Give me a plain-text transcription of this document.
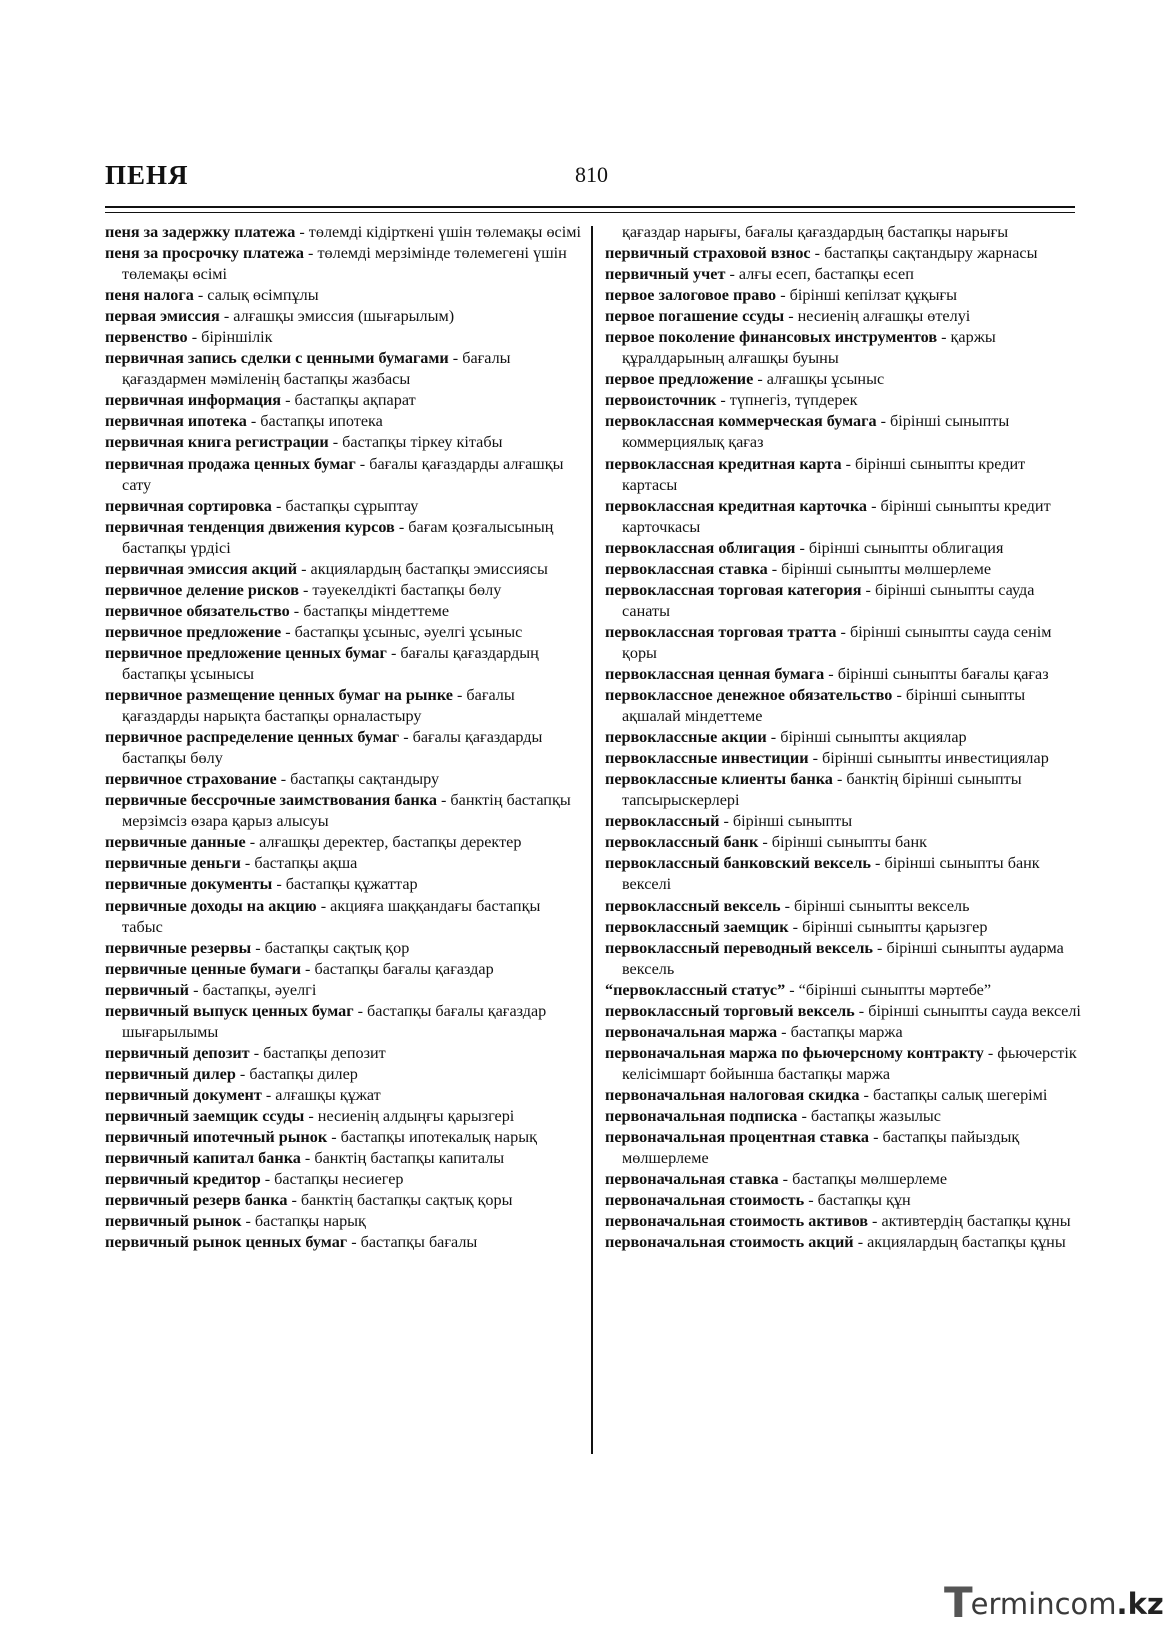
ПЕНЯ	810

пеня за задержку платежа - төлемді кідірткені үшін төлемақы өсімі

пеня за просрочку платежа - төлемді мерзімінде төлемегені үшін төлемақы өсімі

пеня налога - салық өсімпұлы

первая эмиссия - алғашқы эмиссия (шығарылым)

первенство - біріншілік

первичная запись сделки с ценными бумагами - бағалы қағаздармен мәміленің бастапқы жазбасы

первичная информация - бастапқы ақпарат

первичная ипотека - бастапқы ипотека

первичная книга регистрации - бастапқы тіркеу кітабы

первичная продажа ценных бумаг - бағалы қағаздарды алғашқы сату

первичная сортировка - бастапқы сұрыптау

первичная тенденция движения курсов - бағам қозғалысының бастапқы үрдісі

первичная эмиссия акций - акциялардың бастапқы эмиссиясы

первичное деление рисков - тәуекелдікті бастапқы бөлу

первичное обязательство - бастапқы міндеттеме

первичное предложение - бастапқы ұсыныс, әуелгі ұсыныс

первичное предложение ценных бумаг - бағалы қағаздардың бастапқы ұсынысы

первичное размещение ценных бумаг на рынке - бағалы қағаздарды нарықта бастапқы орналастыру

первичное распределение ценных бумаг - бағалы қағаздарды бастапқы бөлу

первичное страхование - бастапқы сақтандыру

первичные бессрочные заимствования банка - банктің бастапқы мерзімсіз өзара қарыз алысуы

первичные данные - алғашқы деректер, бастапқы деректер

первичные деньги - бастапқы ақша

первичные документы - бастапқы құжаттар

первичные доходы на акцию - акцияға шаққандағы бастапқы табыс

первичные резервы - бастапқы сақтық қор

первичные ценные бумаги - бастапқы бағалы қағаздар

первичный - бастапқы, әуелгі

первичный выпуск ценных бумаг - бастапқы бағалы қағаздар шығарылымы

первичный депозит - бастапқы депозит

первичный дилер - бастапқы дилер

первичный документ - алғашқы құжат

первичный заемщик ссуды - несиенің алдыңғы қарызгері

первичный ипотечный рынок - бастапқы ипотекалық нарық

первичный капитал банка - банктің бастапқы капиталы

первичный кредитор - бастапқы несиегер

первичный резерв банка - банктің бастапқы сақтық қоры

первичный рынок - бастапқы нарық

первичный рынок ценных бумаг - бастапқы бағалы

қағаздар нарығы, бағалы қағаздардың бастапқы нарығы

первичный страховой взнос - бастапқы сақтандыру жарнасы

первичный учет - алғы есеп, бастапқы есеп

первое залоговое право - бірінші кепілзат құқығы

первое погашение ссуды - несиенің алғашқы өтелуі

первое поколение финансовых инструментов - қаржы құралдарының алғашқы буыны

первое предложение - алғашқы ұсыныс

первоисточник - түпнегіз, түпдерек

первоклассная коммерческая бумага - бірінші сыныпты коммерциялық қағаз

первоклассная кредитная карта - бірінші сыныпты кредит картасы

первоклассная кредитная карточка - бірінші сыныпты кредит карточкасы

первоклассная облигация - бірінші сыныпты облигация

первоклассная ставка - бірінші сыныпты мөлшерлеме

первоклассная торговая категория - бірінші сыныпты сауда санаты

первоклассная торговая тратта - бірінші сыныпты сауда сенім қоры

первоклассная ценная бумага - бірінші сыныпты бағалы қағаз

первоклассное денежное обязательство - бірінші сыныпты ақшалай міндеттеме

первоклассные акции - бірінші сыныпты акциялар

первоклассные инвестиции - бірінші сыныпты инвестициялар

первоклассные клиенты банка - банктің бірінші сыныпты тапсырыскерлері

первоклассный - бірінші сыныпты

первоклассный банк - бірінші сыныпты банк

первоклассный банковский вексель - бірінші сыныпты банк вексeлі

первоклассный вексель - бірінші сыныпты вексель

первоклассный заемщик - бірінші сыныпты қарызгер

первоклассный переводный вексель - бірінші сыныпты аударма вексель

“первоклассный статус” - “бірінші сыныпты мәртебе”

первоклассный торговый вексель - бірінші сыныпты сауда вексeлі

первоначальная маржа - бастапқы маржа

первоначальная маржа по фьючерсному контракту - фьючерстік келісімшарт бойынша бастапқы маржа

первоначальная налоговая скидка - бастапқы салық шегерімі

первоначальная подписка - бастапқы жазылыс

первоначальная процентная ставка - бастапқы пайыздық мөлшерлеме

первоначальная ставка - бастапқы мөлшерлеме

первоначальная стоимость - бастапқы құн

первоначальная стоимость активов - активтердің бастапқы құны

первоначальная стоимость акций - акциялардың бастапқы құны

Termincom.kz
